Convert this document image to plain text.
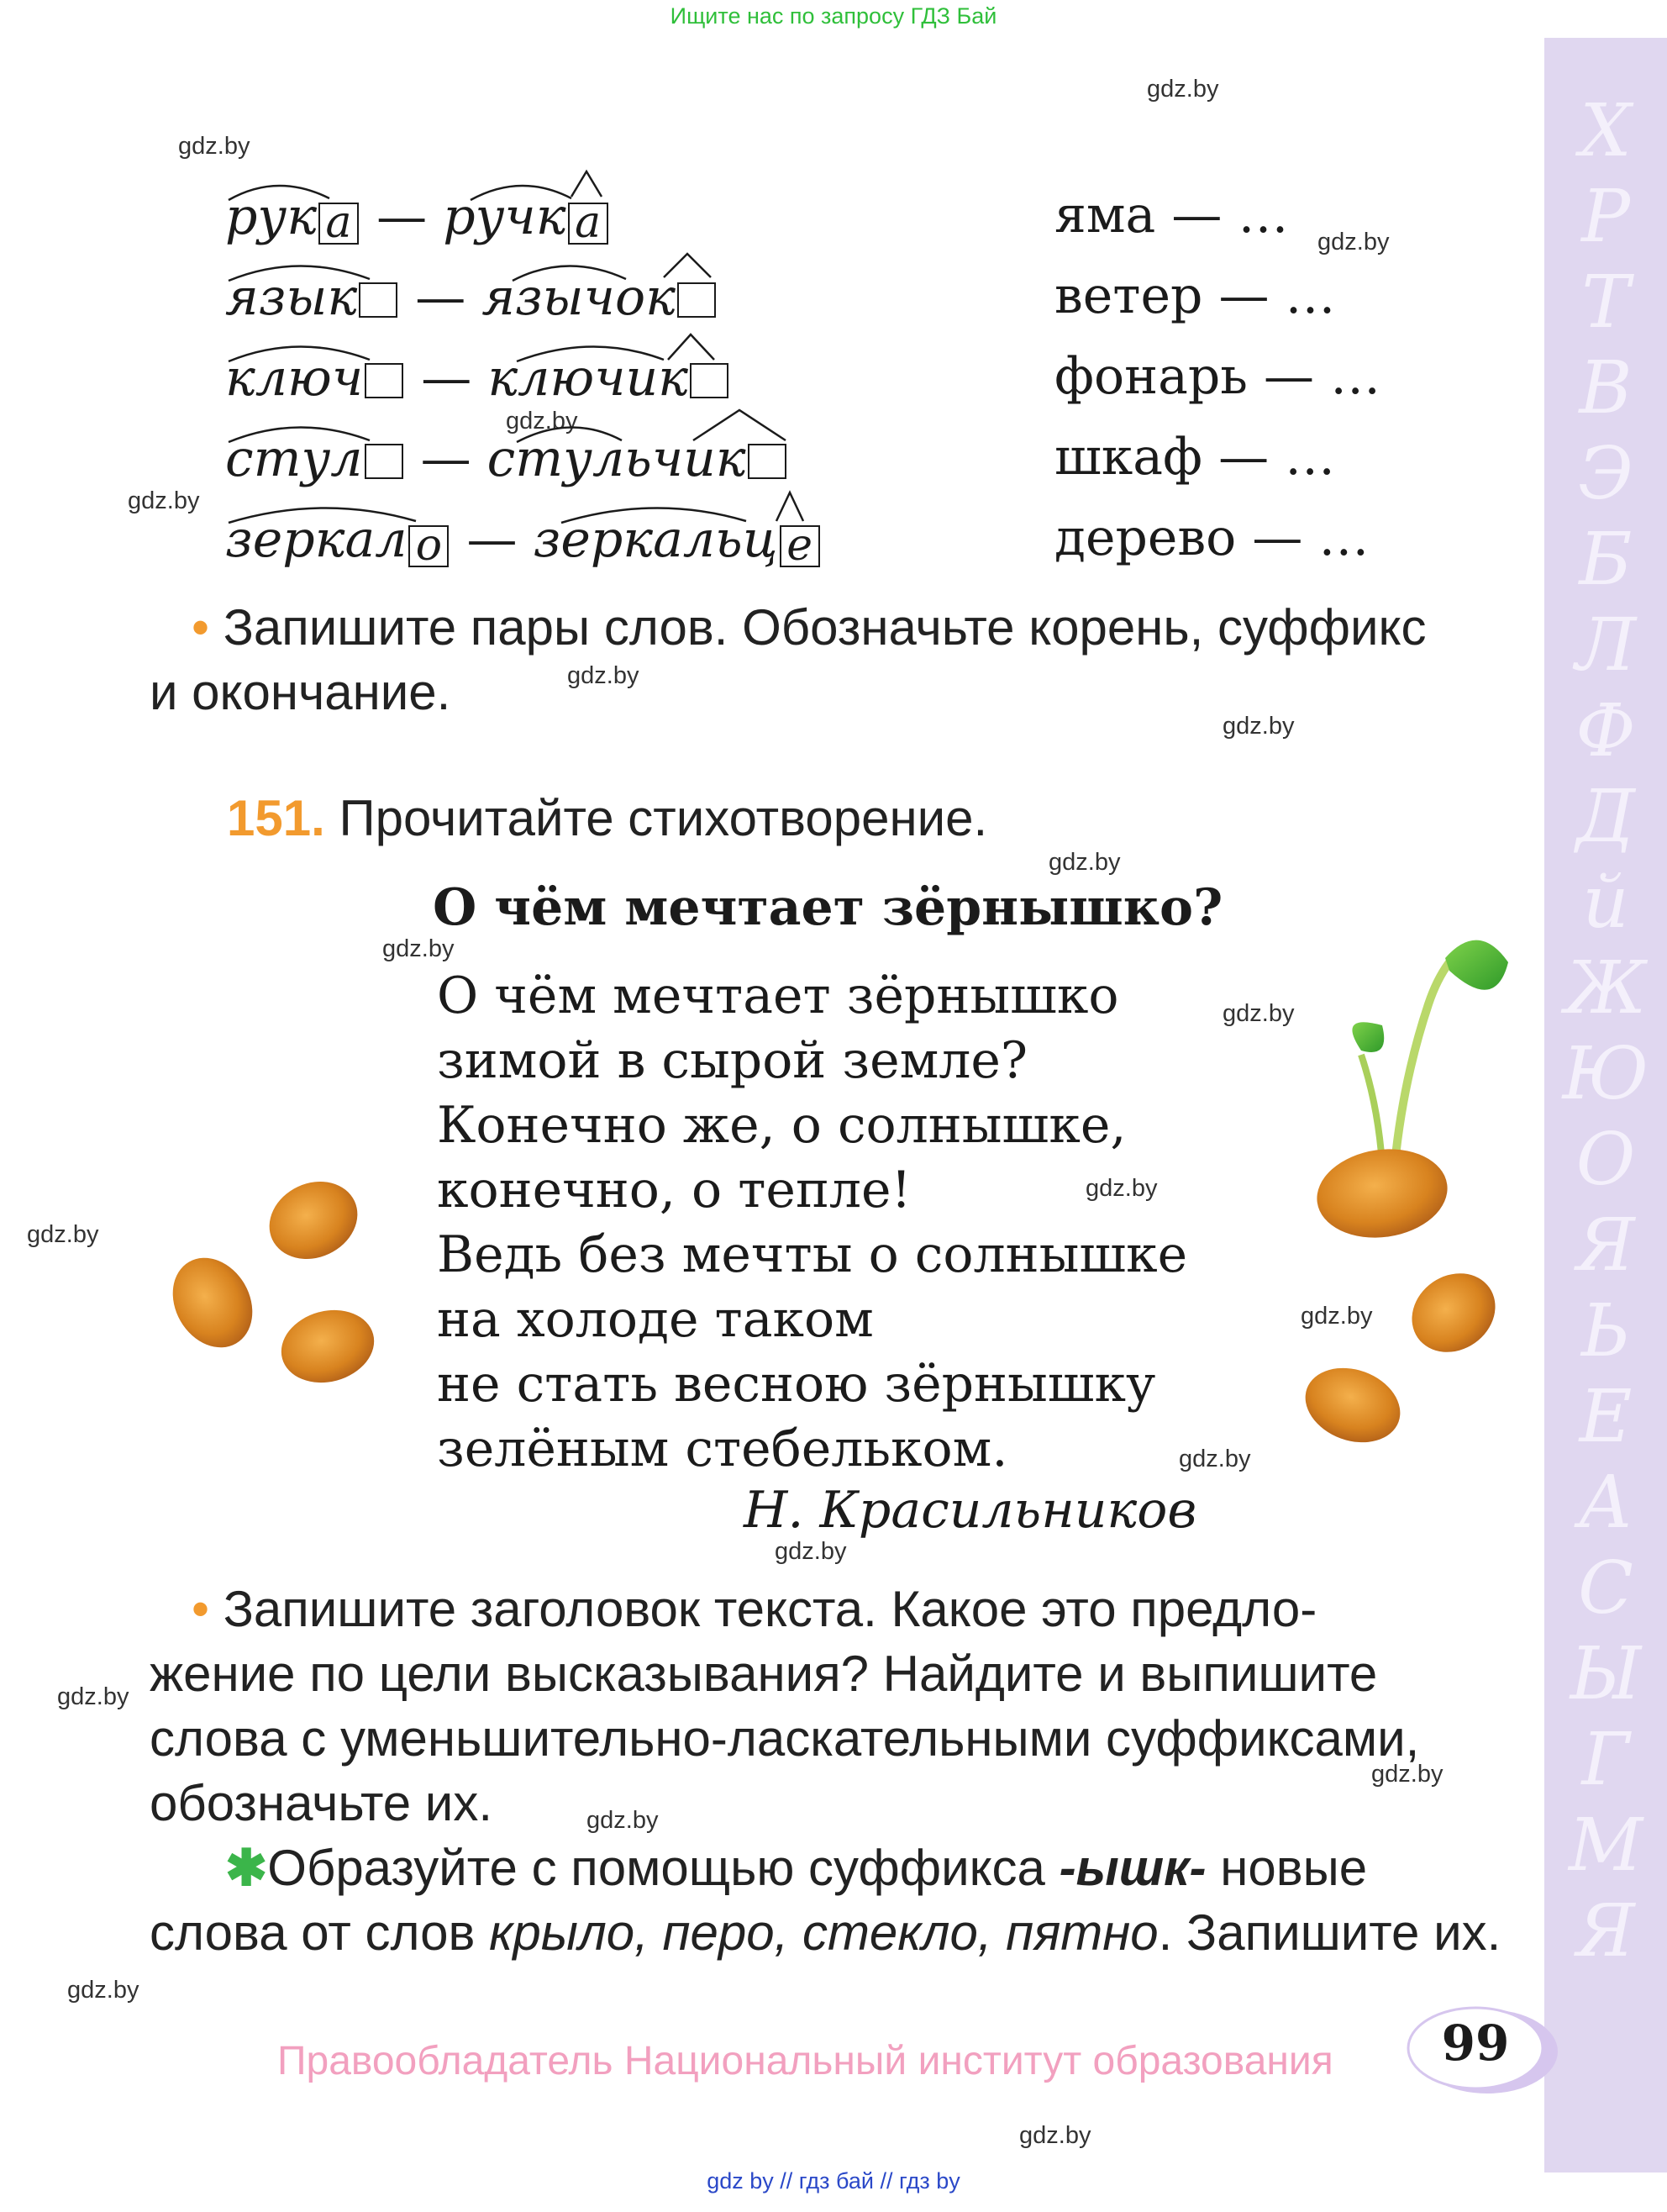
Ищите нас по запросу ГДЗ Бай
Х
Р
Т
В
Э
Б
Л
Ф
Д
й
Ж
Ю
О
Я
Ь
Е
А
С
Ы
Г
М
Я
gdz.by
gdz.by
gdz.by
gdz.by
gdz.by
gdz.by
gdz.by
gdz.by
gdz.by
gdz.by
gdz.by
gdz.by
gdz.by
gdz.by
gdz.by
gdz.by
gdz.by
gdz.by
gdz.by
gdz.by
рук а — ручк а
язык — язычок
ключ — ключик
стул — стульчик
зеркал о — зеркальц е
яма — …
ветер — …
фонарь — …
шкаф — …
дерево — …
• Запишите пары слов. Обозначьте корень, суффикс
и окончание.
151. Прочитайте стихотворение.
О чём мечтает зёрнышко?
О чём мечтает зёрнышко
зимой в сырой земле?
Конечно же, о солнышке,
конечно, о тепле!
Ведь без мечты о солнышке
на холоде таком
не стать весною зёрнышку
зелёным стебельком.
Н. Красильников
• Запишите заголовок текста. Какое это предло-
жение по цели высказывания? Найдите и выпишите
слова с уменьшительно-ласкательными суффиксами,
обозначьте их.
✱Образуйте с помощью суффикса -ышк- новые
слова от слов крыло, перо, стекло, пятно. Запишите их.
Правообладатель Национальный институт образования	99
gdz by // гдз бай // гдз by
